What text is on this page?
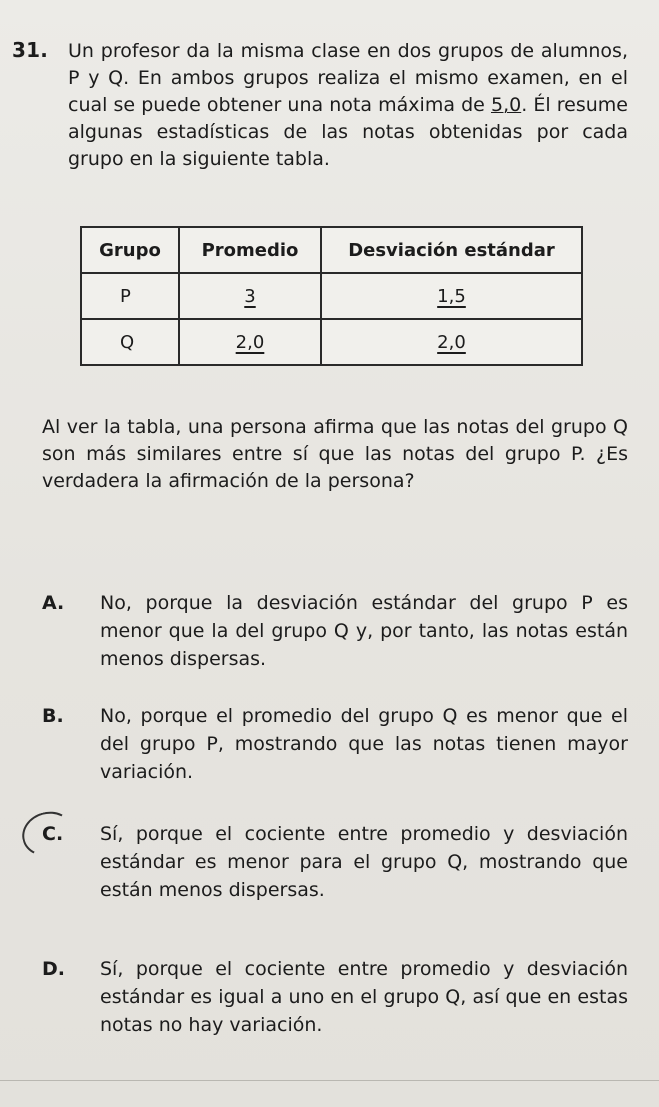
31. Un profesor da la misma clase en dos grupos de alumnos, P y Q. En ambos grupos realiza el mismo examen, en el cual se puede obtener una nota máxima de 5,0. Él resume algunas estadísticas de las notas obtenidas por cada grupo en la siguiente tabla.
Grupo	Promedio	Desviación estándar
P	3	1,5
Q	2,0	2,0
Al ver la tabla, una persona afirma que las notas del grupo Q son más similares entre sí que las notas del grupo P. ¿Es verdadera la afirmación de la persona?
A.	No, porque la desviación estándar del grupo P es menor que la del grupo Q y, por tanto, las notas están menos dispersas.
B.	No, porque el promedio del grupo Q es menor que el del grupo P, mostrando que las notas tienen mayor variación.
C.	Sí, porque el cociente entre promedio y desviación estándar es menor para el grupo Q, mostrando que están menos dispersas.
D.	Sí, porque el cociente entre promedio y desviación estándar es igual a uno en el grupo Q, así que en estas notas no hay variación.
